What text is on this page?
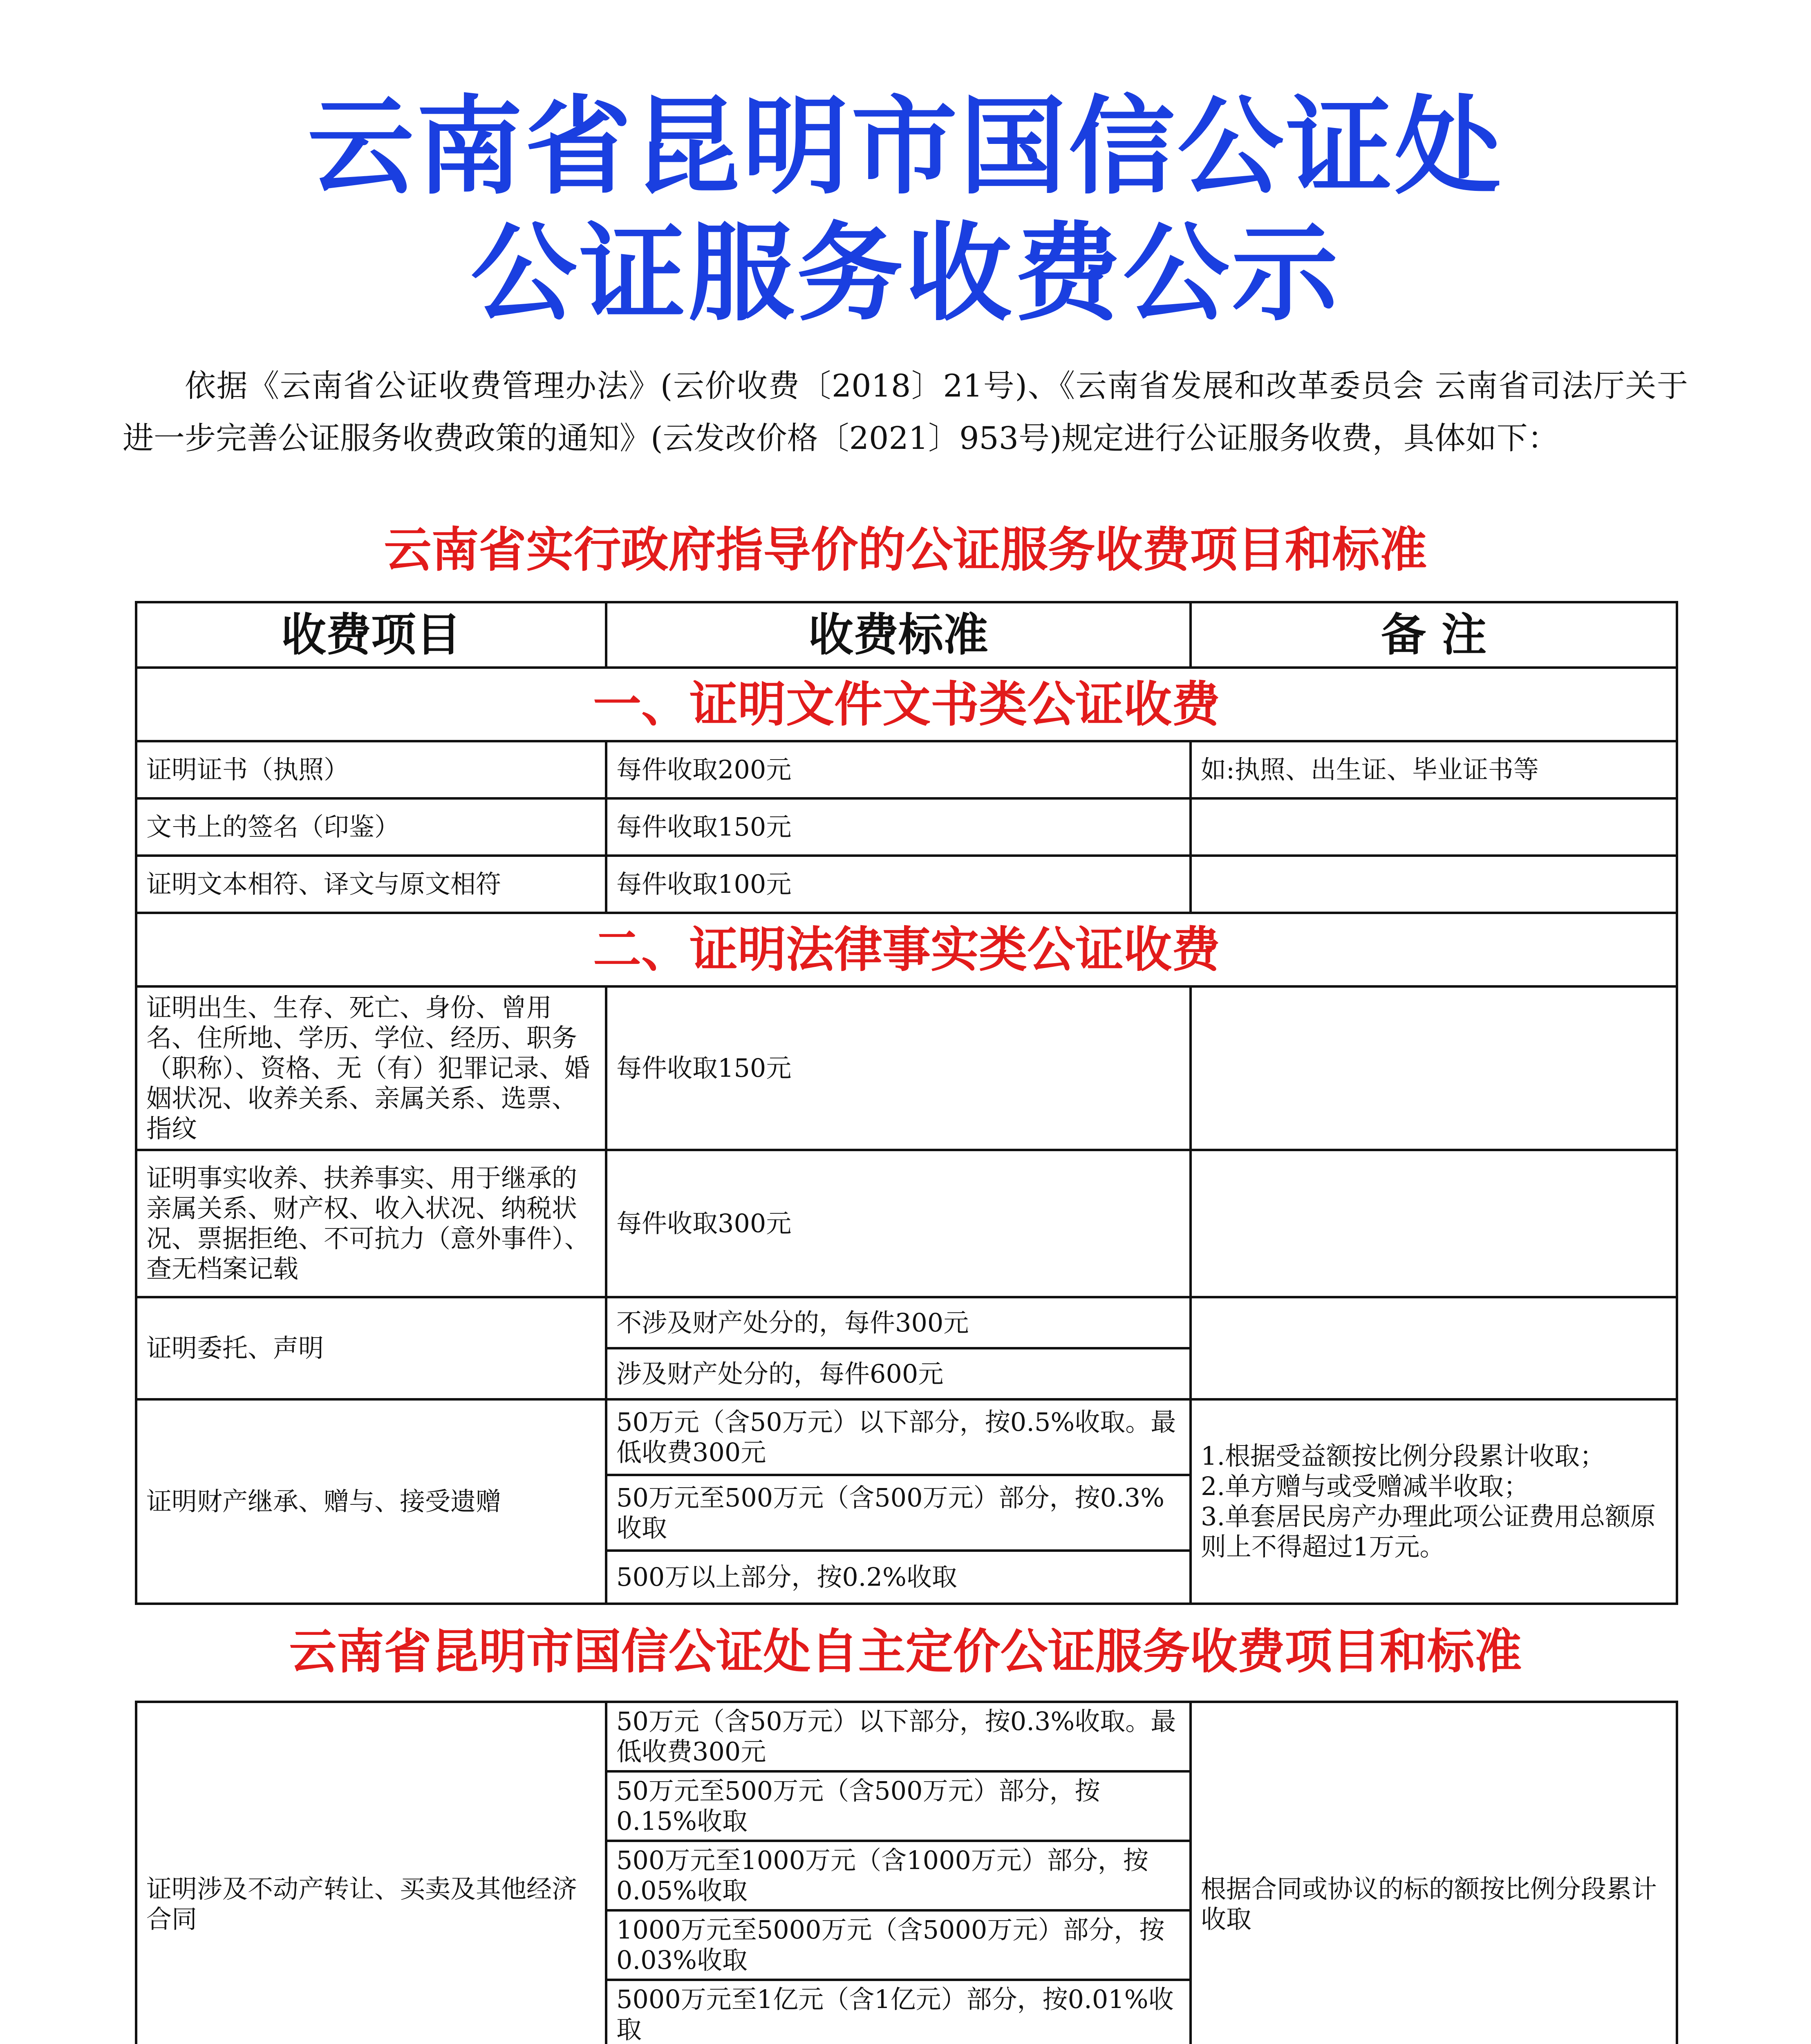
云南省昆明市国信公证处
公证服务收费公示
依据《云南省公证收费管理办法》(云价收费〔2018〕21号)、《云南省发展和改革委员会 云南省司法厅关于进一步完善公证服务收费政策的通知》(云发改价格〔2021〕953号)规定进行公证服务收费，具体如下：
云南省实行政府指导价的公证服务收费项目和标准
收费项目	收费标准	备 注
一、证明文件文书类公证收费		
证明证书（执照）	每件收取200元	如:执照、出生证、毕业证书等
文书上的签名（印鉴）	每件收取150元	
证明文本相符、译文与原文相符	每件收取100元	
二、证明法律事实类公证收费		
证明出生、生存、死亡、身份、曾用名、住所地、学历、学位、经历、职务（职称）、资格、无（有）犯罪记录、婚姻状况、收养关系、亲属关系、选票、指纹	每件收取150元	
证明事实收养、扶养事实、用于继承的亲属关系、财产权、收入状况、纳税状况、票据拒绝、不可抗力（意外事件）、查无档案记载	每件收取300元	
证明委托、声明	不涉及财产处分的，每件300元	
	涉及财产处分的，每件600元	
证明财产继承、赠与、接受遗赠	50万元（含50万元）以下部分，按0.5%收取。最低收费300元	1.根据受益额按比例分段累计收取；
2.单方赠与或受赠减半收取；
3.单套居民房产办理此项公证费用总额原则上不得超过1万元。

	50万元至500万元（含500万元）部分，按0.3%收取	
	500万以上部分，按0.2%收取	
云南省昆明市国信公证处自主定价公证服务收费项目和标准
证明涉及不动产转让、买卖及其他经济合同	50万元（含50万元）以下部分，按0.3%收取。最低收费300元	根据合同或协议的标的额按比例分段累计收取
	50万元至500万元（含500万元）部分，按0.15%收取	
	500万元至1000万元（含1000万元）部分，按0.05%收取	
	1000万元至5000万元（含5000万元）部分，按0.03%收取	
	5000万元至1亿元（含1亿元）部分，按0.01%收取	
